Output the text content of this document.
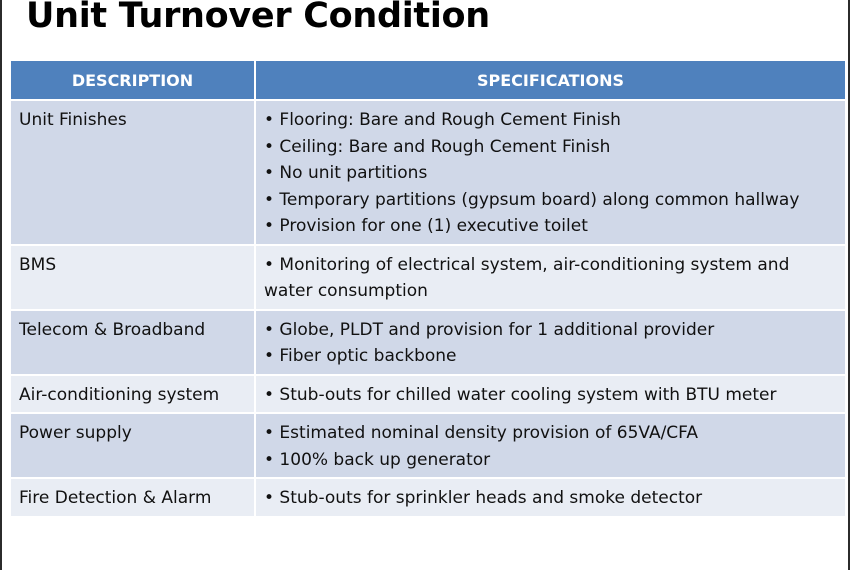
Unit Turnover Condition
DESCRIPTION	SPECIFICATIONS
Unit Finishes	• Flooring: Bare and Rough Cement Finish
• Ceiling: Bare and Rough Cement Finish
• No unit partitions
• Temporary partitions (gypsum board) along common hallway
• Provision for one (1) executive toilet

BMS	• Monitoring of electrical system, air-conditioning system and water consumption

Telecom & Broadband	• Globe, PLDT and provision for 1 additional provider
• Fiber optic backbone

Air-conditioning system	• Stub-outs for chilled water cooling system with BTU meter

Power supply	• Estimated nominal density provision of 65VA/CFA
• 100% back up generator

Fire Detection & Alarm	• Stub-outs for sprinkler heads and smoke detector
